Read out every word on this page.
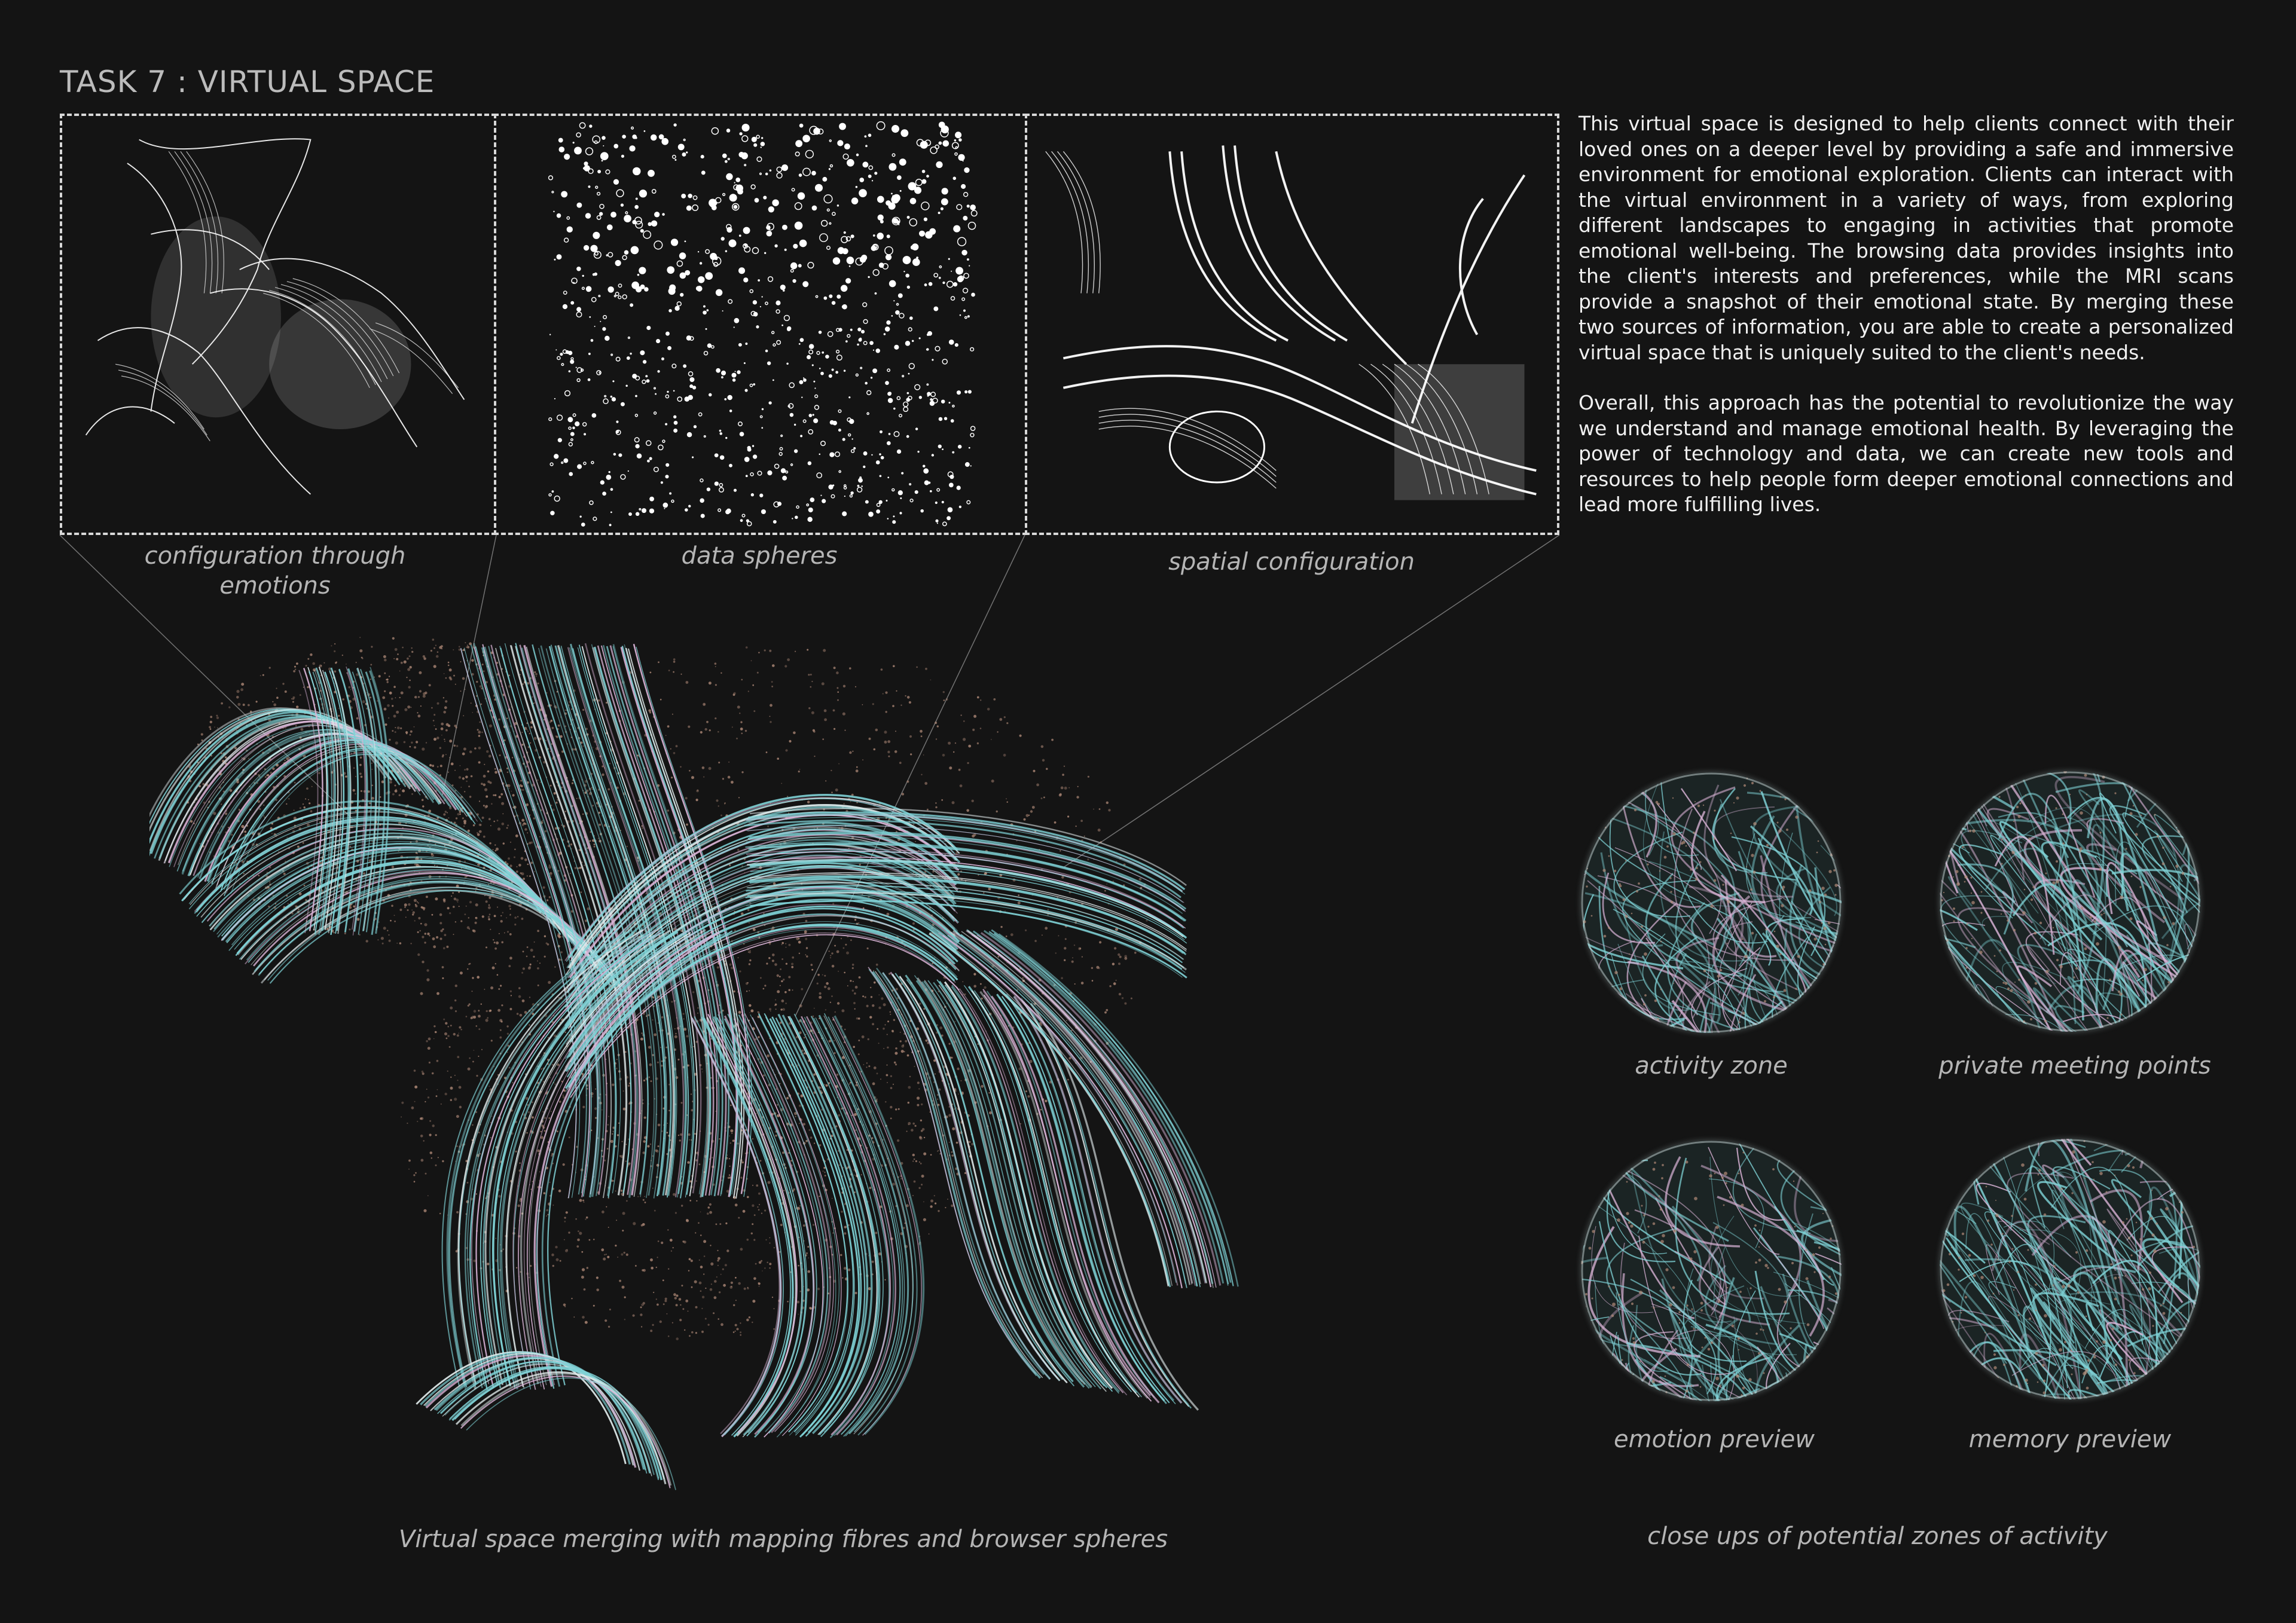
TASK 7 : VIRTUAL SPACE
configuration through emotions
data spheres	spatial configuration

This virtual space is designed to help clients connect with their loved ones on a deeper level by providing a safe and immersive environment for emotional exploration. Clients can interact with the virtual environment in a variety of ways, from exploring different landscapes to engaging in activities that promote emotional well-being. The browsing data provides insights into the client's interests and preferences, while the MRI scans provide a snapshot of their emotional state. By merging these two sources of information, you are able to create a personalized virtual space that is uniquely suited to the client's needs.

Overall, this approach has the potential to revolutionize the way we understand and manage emotional health. By leveraging the power of technology and data, we can create new tools and resources to help people form deeper emotional connections and lead more fulfilling lives.

Virtual space merging with mapping fibres and browser spheres
activity zone	private meeting points
emotion preview	memory preview
close ups of potential zones of activity
